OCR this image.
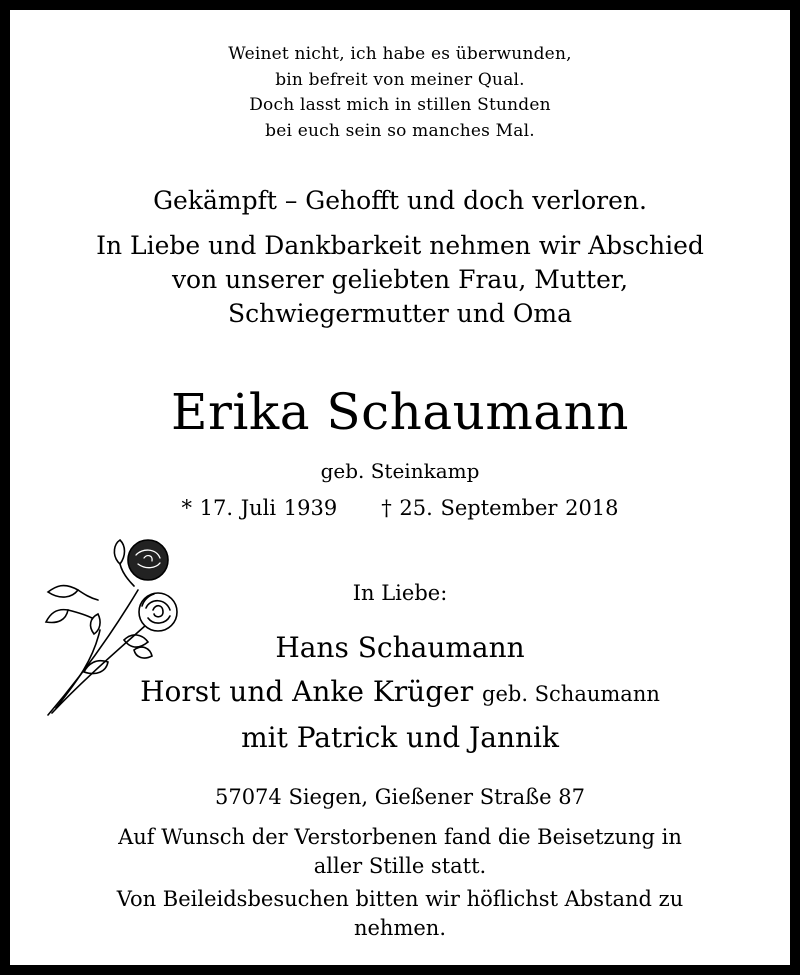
Weinet nicht, ich habe es überwunden,
bin befreit von meiner Qual.
Doch lasst mich in stillen Stunden
bei euch sein so manches Mal.
Gekämpft – Gehofft und doch verloren.
In Liebe und Dankbarkeit nehmen wir Abschied
von unserer geliebten Frau, Mutter,
Schwiegermutter und Oma
Erika Schaumann
geb. Steinkamp
* 17. Juli 1939 † 25. September 2018
In Liebe:
Hans Schaumann
Horst und Anke Krüger geb. Schaumann
mit Patrick und Jannik
57074 Siegen, Gießener Straße 87
Auf Wunsch der Verstorbenen fand die Beisetzung in
aller Stille statt.
Von Beileidsbesuchen bitten wir höflichst Abstand zu
nehmen.
